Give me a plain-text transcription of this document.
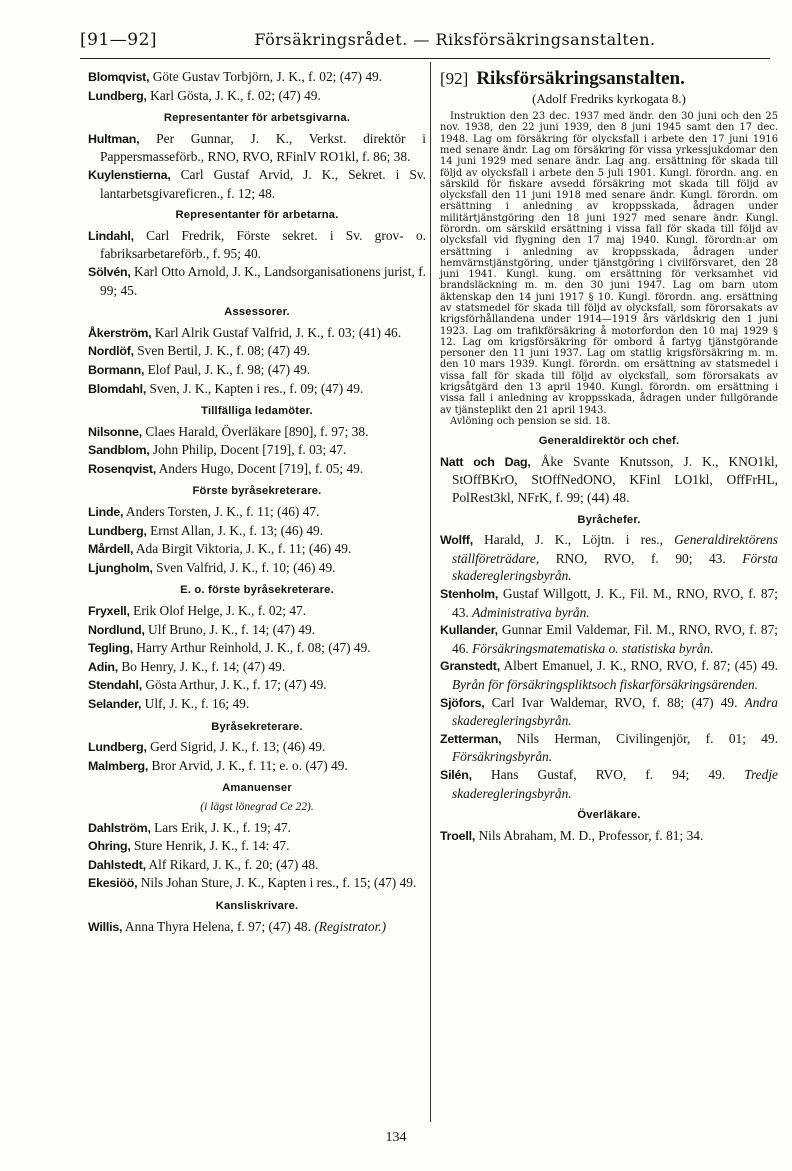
[91—92]	Försäkringsrådet. — Riksförsäkringsanstalten.

Blomqvist, Göte Gustav Torbjörn, J. K., f. 02; (47) 49.

Lundberg, Karl Gösta, J. K., f. 02; (47) 49.

Representanter för arbetsgivarna.

Hultman, Per Gunnar, J. K., Verkst. direktör i Pappersmasseförb., RNO, RVO, RFinlV RO1kl, f. 86; 38.

Kuylenstierna, Carl Gustaf Arvid, J. K., Sekret. i Sv. lantarbetsgivareficren., f. 12; 48.

Representanter för arbetarna.

Lindahl, Carl Fredrik, Förste sekret. i Sv. grov- o. fabriksarbetareförb., f. 95; 40.

Sölvén, Karl Otto Arnold, J. K., Landsorganisationens jurist, f. 99; 45.

Assessorer.

Åkerström, Karl Alrik Gustaf Valfrid, J. K., f. 03; (41) 46.

Nordlöf, Sven Bertil, J. K., f. 08; (47) 49.

Bormann, Elof Paul, J. K., f. 98; (47) 49.

Blomdahl, Sven, J. K., Kapten i res., f. 09; (47) 49.

Tillfälliga ledamöter.

Nilsonne, Claes Harald, Överläkare [890], f. 97; 38.

Sandblom, John Philip, Docent [719], f. 03; 47.

Rosenqvist, Anders Hugo, Docent [719], f. 05; 49.

Förste byråsekreterare.

Linde, Anders Torsten, J. K., f. 11; (46) 47.

Lundberg, Ernst Allan, J. K., f. 13; (46) 49.

Mårdell, Ada Birgit Viktoria, J. K., f. 11; (46) 49.

Ljungholm, Sven Valfrid, J. K., f. 10; (46) 49.

E. o. förste byråsekreterare.

Fryxell, Erik Olof Helge, J. K., f. 02; 47.

Nordlund, Ulf Bruno, J. K., f. 14; (47) 49.

Tegling, Harry Arthur Reinhold, J. K., f. 08; (47) 49.

Adin, Bo Henry, J. K., f. 14; (47) 49.

Stendahl, Gösta Arthur, J. K., f. 17; (47) 49.

Selander, Ulf, J. K., f. 16; 49.

Byråsekreterare.

Lundberg, Gerd Sigrid, J. K., f. 13; (46) 49.

Malmberg, Bror Arvid, J. K., f. 11; e. o. (47) 49.

Amanuenser
(i lägst lönegrad Ce 22).

Dahlström, Lars Erik, J. K., f. 19; 47.

Ohring, Sture Henrik, J. K., f. 14: 47.

Dahlstedt, Alf Rikard, J. K., f. 20; (47) 48.

Ekesiöö, Nils Johan Sture, J. K., Kapten i res., f. 15; (47) 49.

Kansliskrivare.

Willis, Anna Thyra Helena, f. 97; (47) 48. (Registrator.)

[92] Riksförsäkringsanstalten.
(Adolf Fredriks kyrkogata 8.)

Instruktion den 23 dec. 1937 med ändr. den 30 juni och den 25 nov. 1938, den 22 juni 1939, den 8 juni 1945 samt den 17 dec. 1948. Lag om försäkring för olycksfall i arbete den 17 juni 1916 med senare ändr. Lag om försäkring för vissa yrkessjukdomar den 14 juni 1929 med senare ändr. Lag ang. ersättning för skada till följd av olycksfall i arbete den 5 juli 1901. Kungl. förordn. ang. en särskild för fiskare avsedd försäkring mot skada till följd av olycksfall den 11 juni 1918 med senare ändr. Kungl. förordn. om ersättning i anledning av kroppsskada, ådragen under militärtjänstgöring den 18 juni 1927 med senare ändr. Kungl. förordn. om särskild ersättning i vissa fall för skada till följd av olycksfall vid flygning den 17 maj 1940. Kungl. förordn:ar om ersättning i anledning av kroppsskada, ådragen under hemvärnstjänstgöring, under tjänstgöring i civilförsvaret, den 28 juni 1941. Kungl. kung. om ersättning för verksamhet vid brandsläckning m. m. den 30 juni 1947. Lag om barn utom äktenskap den 14 juni 1917 § 10. Kungl. förordn. ang. ersättning av statsmedel för skada till följd av olycksfall, som förorsakats av krigsförhållandena under 1914—1919 års världskrig den 1 juni 1923. Lag om trafikförsäkring å motorfordon den 10 maj 1929 § 12. Lag om krigsförsäkring för ombord å fartyg tjänstgörande personer den 11 juni 1937. Lag om statlig krigsförsäkring m. m. den 10 mars 1939. Kungl. förordn. om ersättning av statsmedel i vissa fall för skada till följd av olycksfall, som förorsakats av krigsåtgärd den 13 april 1940. Kungl. förordn. om ersättning i vissa fall i anledning av kroppsskada, ådragen under fullgörande av tjänsteplikt den 21 april 1943.

Avlöning och pension se sid. 18.

Generaldirektör och chef.

Natt och Dag, Åke Svante Knutsson, J. K., KNO1kl, StOffBKrO, StOffNedONO, KFinl LO1kl, OffFrHL, PolRest3kl, NFrK, f. 99; (44) 48.

Byråchefer.

Wolff, Harald, J. K., Löjtn. i res., Generaldirektörens ställföreträdare, RNO, RVO, f. 90; 43. Första skaderegleringsbyrån.

Stenholm, Gustaf Willgott, J. K., Fil. M., RNO, RVO, f. 87; 43. Administrativa byrån.

Kullander, Gunnar Emil Valdemar, Fil. M., RNO, RVO, f. 87; 46. Försäkringsmatematiska o. statistiska byrån.

Granstedt, Albert Emanuel, J. K., RNO, RVO, f. 87; (45) 49. Byrån för försäkringspliktsoch fiskarförsäkringsärenden.

Sjöfors, Carl Ivar Waldemar, RVO, f. 88; (47) 49. Andra skaderegleringsbyrån.

Zetterman, Nils Herman, Civilingenjör, f. 01; 49. Försäkringsbyrån.

Silén, Hans Gustaf, RVO, f. 94; 49. Tredje skaderegleringsbyrån.

Överläkare.

Troell, Nils Abraham, M. D., Professor, f. 81; 34.

134
